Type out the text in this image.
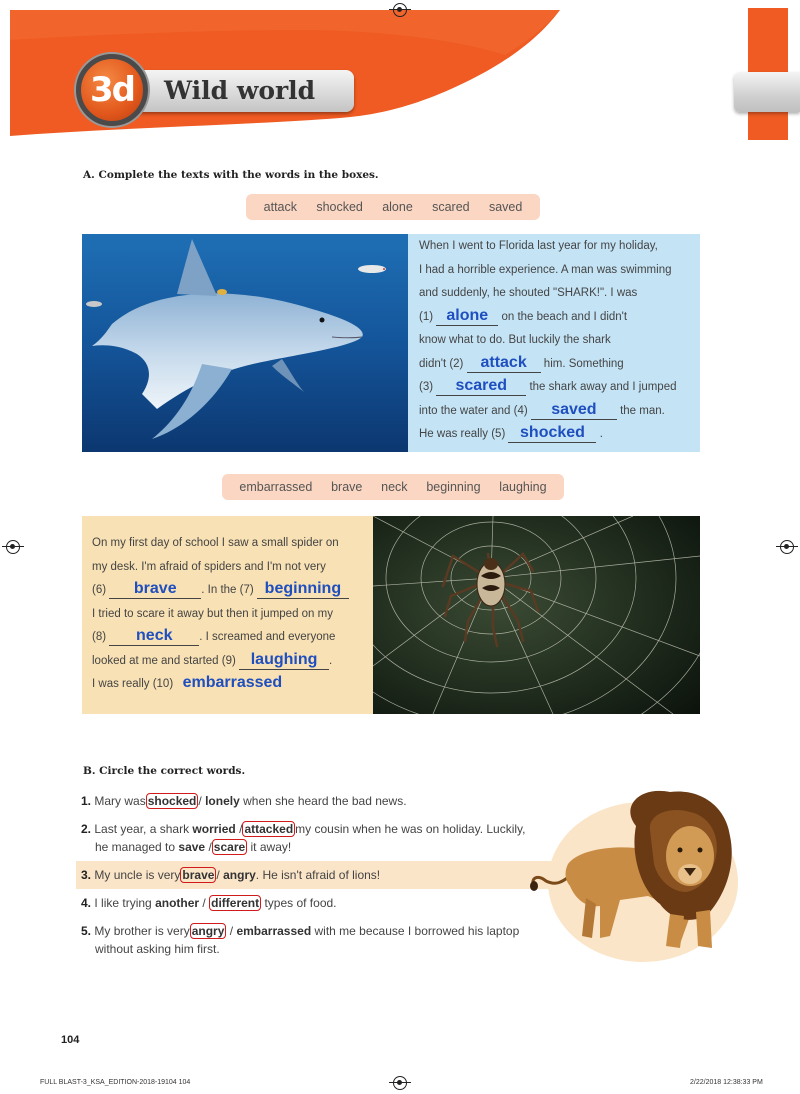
3d	Wild world
A. Complete the texts with the words in the boxes.
attack shocked alone scared saved
When I went to Florida last year for my holiday,
I had a horrible experience. A man was swimming
and suddenly, he shouted "SHARK!". I was
(1) alone on the beach and I didn't
know what to do. But luckily the shark
didn't (2) attack him. Something
(3) scared the shark away and I jumped
into the water and (4) saved the man.
He was really (5) shocked .
embarrassed brave neck beginning laughing
On my first day of school I saw a small spider on
my desk. I'm afraid of spiders and I'm not very
(6) brave . In the (7) beginning
I tried to scare it away but then it jumped on my
(8) neck . I screamed and everyone
looked at me and started (9) laughing .
I was really (10) embarrassed
B. Circle the correct words.
1. Mary was shocked / lonely when she heard the bad news.
2. Last year, a shark worried / attacked my cousin when he was on holiday. Luckily,
he managed to save / scare it away!
3. My uncle is very brave / angry. He isn't afraid of lions!
4. I like trying another / different types of food.
5. My brother is very angry / embarrassed with me because I borrowed his laptop
without asking him first.
104
FULL BLAST-3_KSA_EDITION-2018-19104 104	2/22/2018 12:38:33 PM
